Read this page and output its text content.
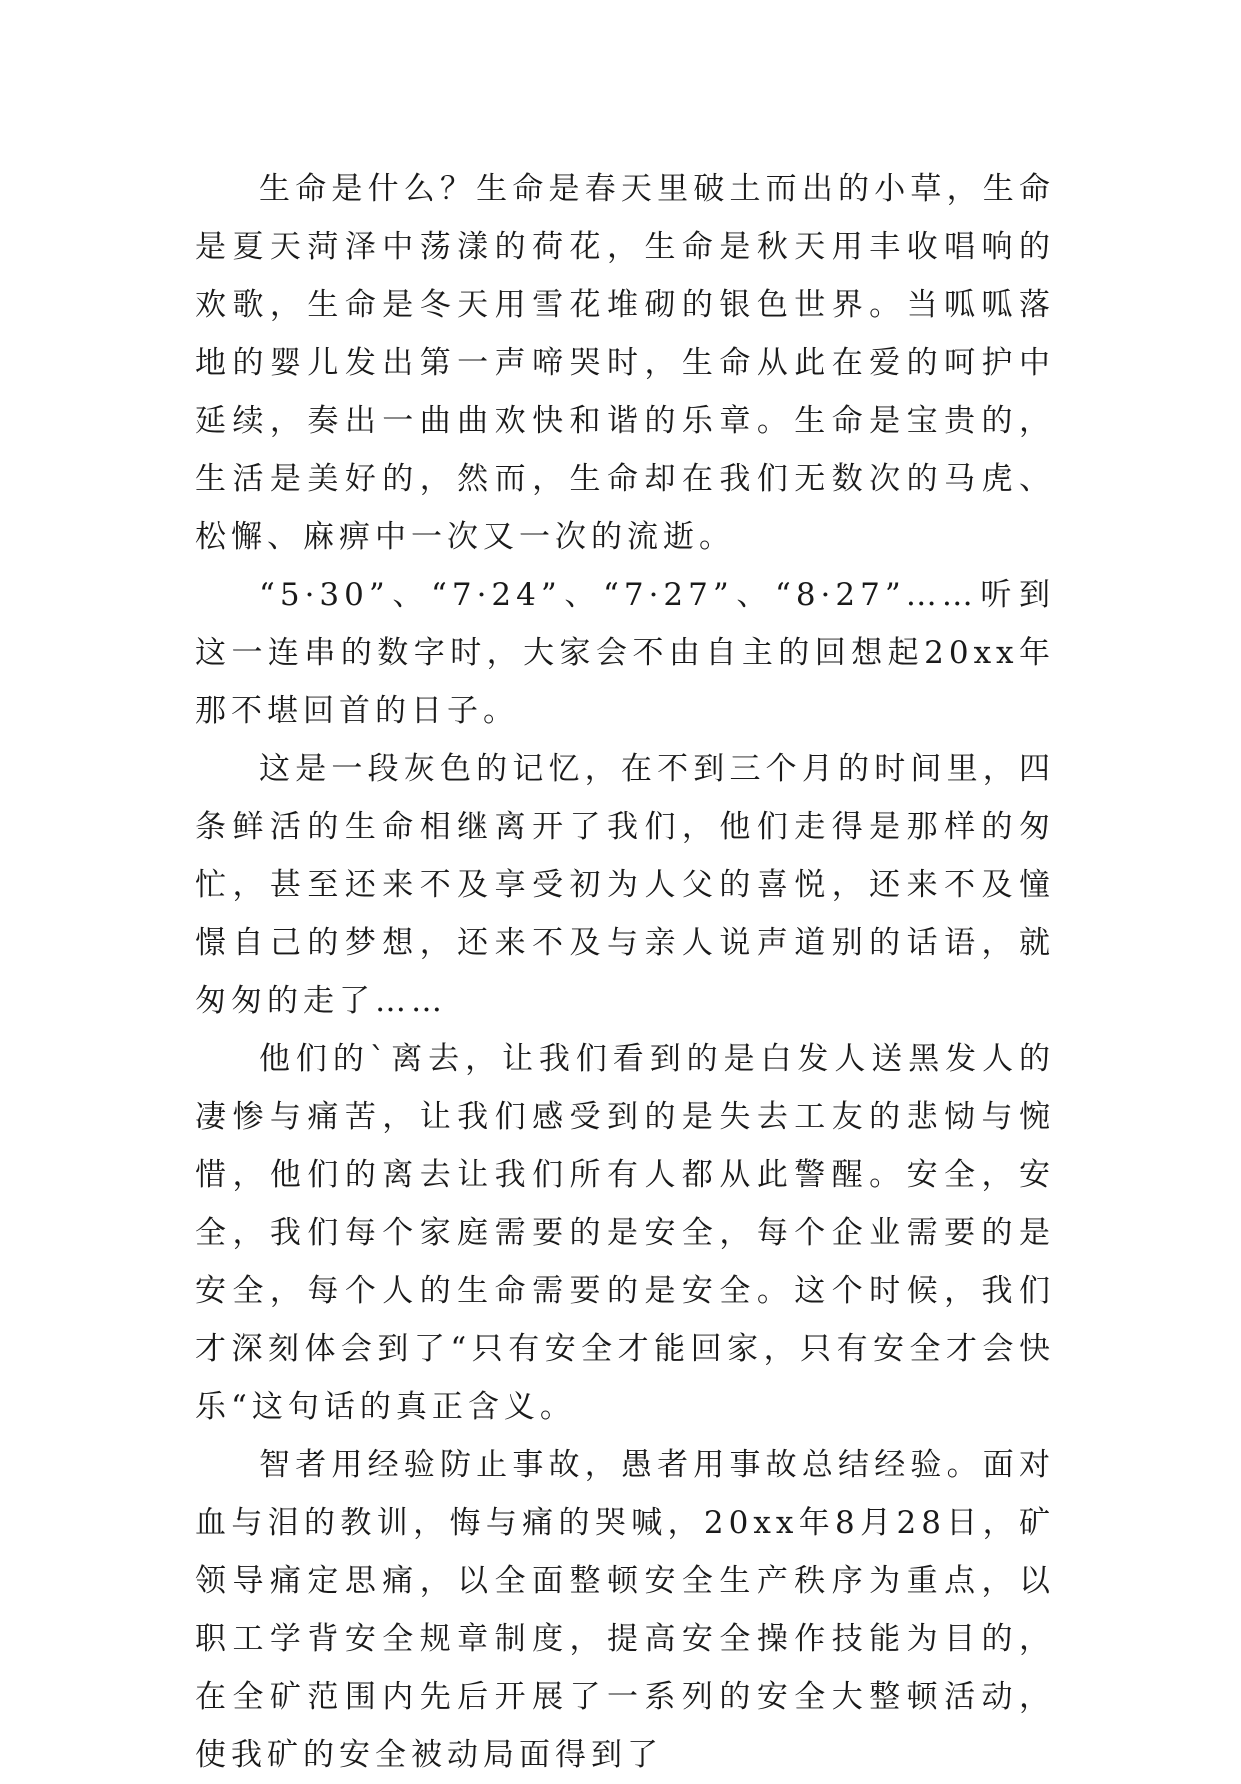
生命是什么？生命是春天里破土而出的小草，生命是夏天菏泽中荡漾的荷花，生命是秋天用丰收唱响的欢歌，生命是冬天用雪花堆砌的银色世界。当呱呱落地的婴儿发出第一声啼哭时，生命从此在爱的呵护中延续，奏出一曲曲欢快和谐的乐章。生命是宝贵的，生活是美好的，然而，生命却在我们无数次的马虎、松懈、麻痹中一次又一次的流逝。

“5·30”、“7·24”、“7·27”、“8·27”……听到这一连串的数字时，大家会不由自主的回想起20xx年那不堪回首的日子。

这是一段灰色的记忆，在不到三个月的时间里，四条鲜活的生命相继离开了我们，他们走得是那样的匆忙，甚至还来不及享受初为人父的喜悦，还来不及憧憬自己的梦想，还来不及与亲人说声道别的话语，就匆匆的走了……

他们的`离去，让我们看到的是白发人送黑发人的凄惨与痛苦，让我们感受到的是失去工友的悲恸与惋惜，他们的离去让我们所有人都从此警醒。安全，安全，我们每个家庭需要的是安全，每个企业需要的是安全，每个人的生命需要的是安全。这个时候，我们才深刻体会到了“只有安全才能回家，只有安全才会快乐“这句话的真正含义。

智者用经验防止事故，愚者用事故总结经验。面对血与泪的教训，悔与痛的哭喊，20xx年8月28日，矿领导痛定思痛，以全面整顿安全生产秩序为重点，以职工学背安全规章制度，提高安全操作技能为目的，在全矿范围内先后开展了一系列的安全大整顿活动，使我矿的安全被动局面得到了
